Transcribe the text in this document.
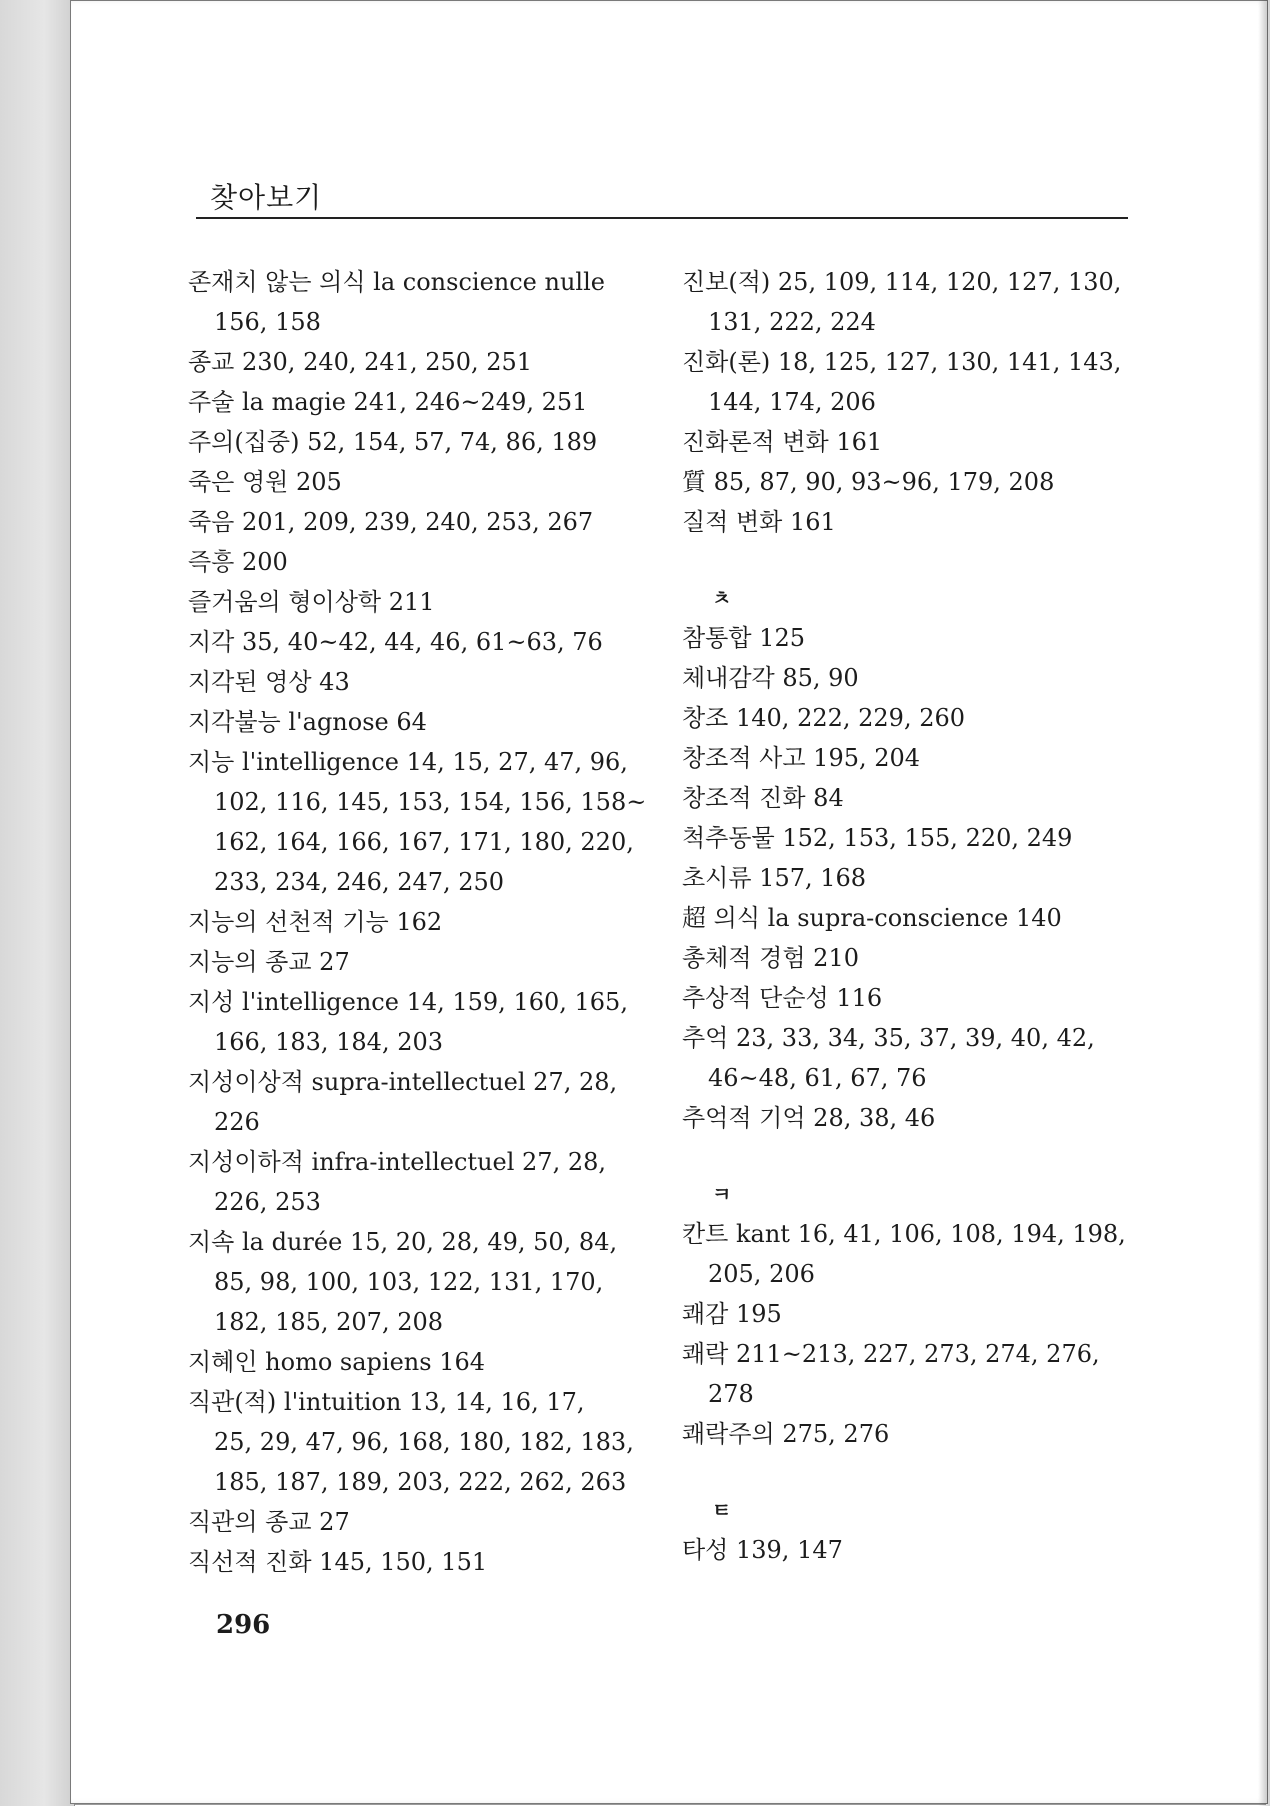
찾아보기
존재치 않는 의식 la conscience nulle

156, 158
종교 230, 240, 241, 250, 251
주술 la magie 241, 246~249, 251
주의(집중) 52, 154, 57, 74, 86, 189
죽은 영원 205
죽음 201, 209, 239, 240, 253, 267
즉흥 200
즐거움의 형이상학 211
지각 35, 40~42, 44, 46, 61~63, 76
지각된 영상 43
지각불능 l'agnose 64
지능 l'intelligence 14, 15, 27, 47, 96,

102, 116, 145, 153, 154, 156, 158~
162, 164, 166, 167, 171, 180, 220,
233, 234, 246, 247, 250
지능의 선천적 기능 162
지능의 종교 27
지성 l'intelligence 14, 159, 160, 165,

166, 183, 184, 203
지성이상적 supra-intellectuel 27, 28,

226
지성이하적 infra-intellectuel 27, 28,

226, 253
지속 la durée 15, 20, 28, 49, 50, 84,

85, 98, 100, 103, 122, 131, 170,
182, 185, 207, 208
지혜인 homo sapiens 164
직관(적) l'intuition 13, 14, 16, 17,

25, 29, 47, 96, 168, 180, 182, 183,
185, 187, 189, 203, 222, 262, 263
직관의 종교 27
직선적 진화 145, 150, 151
진보(적) 25, 109, 114, 120, 127, 130,

131, 222, 224
진화(론) 18, 125, 127, 130, 141, 143,

144, 174, 206
진화론적 변화 161
質 85, 87, 90, 93~96, 179, 208
질적 변화 161
ㅊ
참통합 125
체내감각 85, 90
창조 140, 222, 229, 260
창조적 사고 195, 204
창조적 진화 84
척추동물 152, 153, 155, 220, 249
초시류 157, 168
超 의식 la supra-conscience 140
총체적 경험 210
추상적 단순성 116
추억 23, 33, 34, 35, 37, 39, 40, 42,

46~48, 61, 67, 76
추억적 기억 28, 38, 46
ㅋ
칸트 kant 16, 41, 106, 108, 194, 198,

205, 206
쾌감 195
쾌락 211~213, 227, 273, 274, 276,

278
쾌락주의 275, 276
ㅌ
타성 139, 147
296
